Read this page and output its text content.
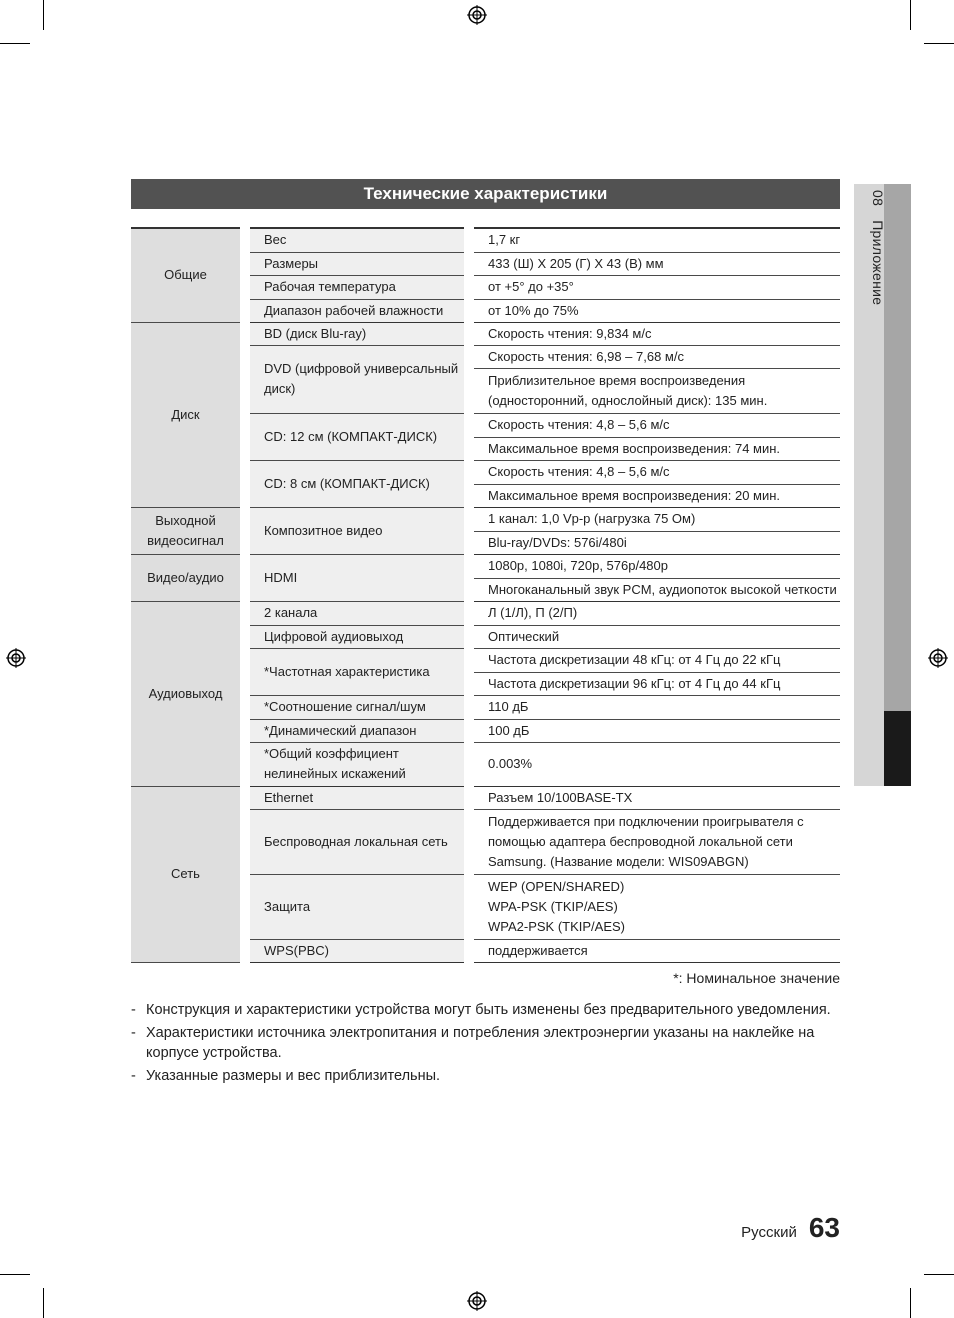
08Приложение
Технические характеристики
Общие	Вес	1,7 кг
	Размеры	433 (Ш) X 205 (Г) X 43 (В) мм
	Рабочая температура	от +5° до +35°
	Диапазон рабочей влажности	от 10% до 75%
Диск	BD (диск Blu-ray)	Скорость чтения: 9,834 м/с
	DVD (цифровой универсальный диск)	Скорость чтения: 6,98 – 7,68 м/с
		Приблизительное время воспроизведения (односторонний, однослойный диск): 135 мин.
	CD: 12 см (КОМПАКТ-ДИСК)	Скорость чтения: 4,8 – 5,6 м/с
		Максимальное время воспроизведения: 74 мин.
	CD: 8 см (КОМПАКТ-ДИСК)	Скорость чтения: 4,8 – 5,6 м/с
		Максимальное время воспроизведения: 20 мин.
Выходной видеосигнал	Композитное видео	1 канал: 1,0 Vp-p (нагрузка 75 Ом)
		Blu-ray/DVDs: 576i/480i
Видео/аудио	HDMI	1080p, 1080i, 720p, 576p/480p
		Многоканальный звук PCM, аудиопоток высокой четкости
Аудиовыход	2 канала	Л (1/Л), П (2/П)
	Цифровой аудиовыход	Оптический
	*Частотная характеристика	Частота дискретизации 48 кГц: от 4 Гц до 22 кГц
		Частота дискретизации 96 кГц: от 4 Гц до 44 кГц
	*Соотношение сигнал/шум	110 дБ
	*Динамический диапазон	100 дБ
	*Общий коэффициент нелинейных искажений	0.003%
Сеть	Ethernet	Разъем 10/100BASE-TX
	Беспроводная локальная сеть	Поддерживается при подключении проигрывателя с помощью адаптера беспроводной локальной сети Samsung. (Название модели: WIS09ABGN)
	Защита	WEP (OPEN/SHARED)
WPA-PSK (TKIP/AES)
WPA2-PSK (TKIP/AES)
	WPS(PBC)	поддерживается
*: Номинальное значение
- Конструкция и характеристики устройства могут быть изменены без предварительного уведомления.
- Характеристики источника электропитания и потребления электроэнергии указаны на наклейке на корпусе устройства.
- Указанные размеры и вес приблизительны.
Русский 63
